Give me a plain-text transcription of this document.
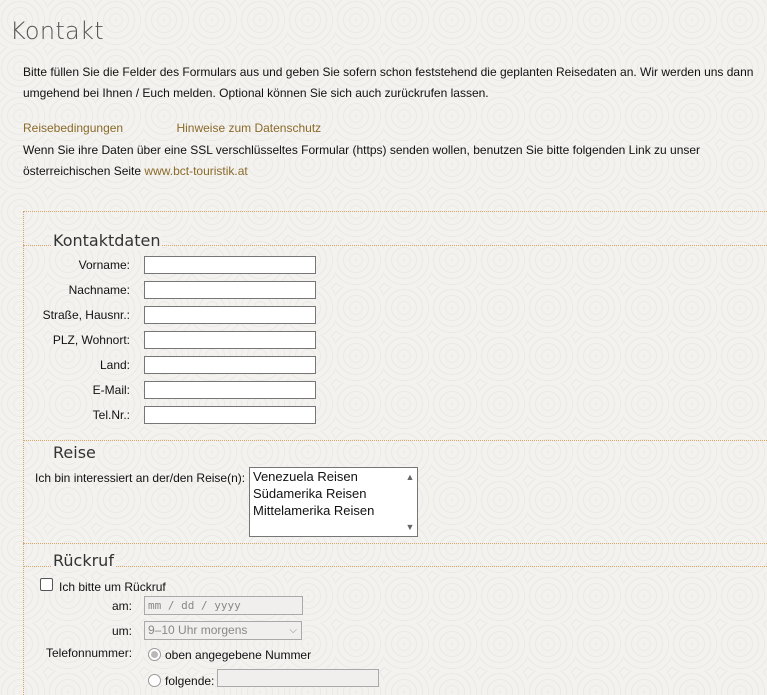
Kontakt
Bitte füllen Sie die Felder des Formulars aus und geben Sie sofern schon feststehend die geplanten Reisedaten an. Wir werden uns dann umgehend bei Ihnen / Euch melden. Optional können Sie sich auch zurückrufen lassen.
Reisebedingungen	Hinweise zum Datenschutz
Wenn Sie ihre Daten über eine SSL verschlüsseltes Formular (https) senden wollen, benutzen Sie bitte folgenden Link zu unser österreichischen Seite www.bct-touristik.at
Kontaktdaten
Vorname:
Nachname:
Straße, Hausnr.:
PLZ, Wohnort:
Land:
E-Mail:
Tel.Nr.:
Reise
Ich bin interessiert an der/den Reise(n): Venezuela Reisen
Südamerika Reisen
Mittelamerika Reisen
▲
▼
Rückruf
Ich bitte um Rückruf
am:	mm / dd / yyyy
um:	9–10 Uhr morgens	⌵
Telefonnummer:	oben angegebene Nummer
folgende:
